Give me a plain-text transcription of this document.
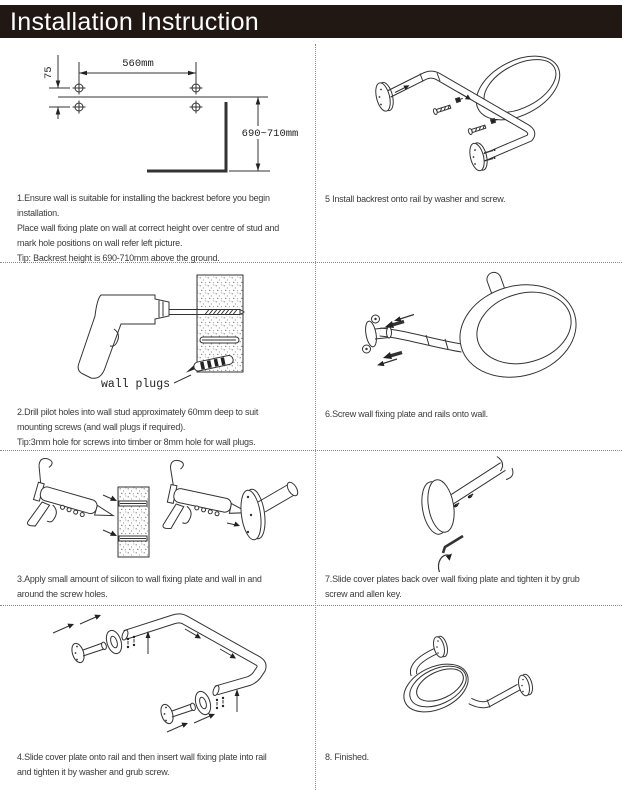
Installation Instruction
560mm
75
690~710mm
wall plugs
1.Ensure wall is suitable for installing the backrest before you begin
installation.
Place wall fixing plate on wall at correct height over centre of stud and
mark hole positions on wall refer left picture.
Tip: Backrest height is 690-710mm above the ground.
5 Install backrest onto rail by washer and screw.
2.Drill pilot holes into wall stud approximately 60mm deep to suit
mounting screws (and wall plugs if required).
Tip:3mm hole for screws into timber or 8mm hole for wall plugs.
6.Screw wall fixing plate and rails onto wall.
3.Apply small amount of silicon to wall fixing plate and wall in and
around the screw holes.
7.Slide cover plates back over wall fixing plate and tighten it by grub
screw and allen key.
4.Slide cover plate onto rail and then insert wall fixing plate into rail
and tighten it by washer and grub screw.
8. Finished.
